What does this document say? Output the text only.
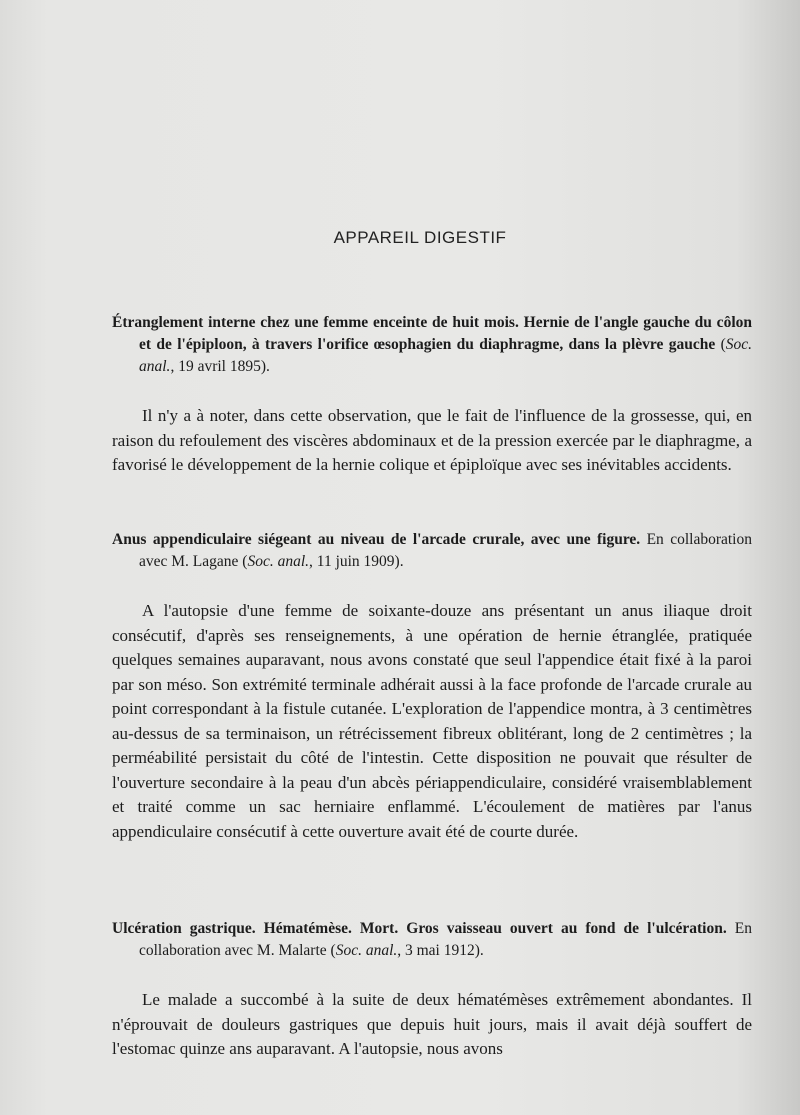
APPAREIL DIGESTIF
Étranglement interne chez une femme enceinte de huit mois. Hernie de l'angle gauche du côlon et de l'épiploon, à travers l'orifice œsophagien du diaphragme, dans la plèvre gauche (Soc. anal., 19 avril 1895).

Il n'y a à noter, dans cette observation, que le fait de l'influence de la grossesse, qui, en raison du refoulement des viscères abdominaux et de la pression exercée par le diaphragme, a favorisé le développement de la hernie colique et épiploïque avec ses inévitables accidents.

Anus appendiculaire siégeant au niveau de l'arcade crurale, avec une figure. En collaboration avec M. Lagane (Soc. anal., 11 juin 1909).

A l'autopsie d'une femme de soixante-douze ans présentant un anus iliaque droit consécutif, d'après ses renseignements, à une opération de hernie étranglée, pratiquée quelques semaines auparavant, nous avons constaté que seul l'appendice était fixé à la paroi par son méso. Son extrémité terminale adhérait aussi à la face profonde de l'arcade crurale au point correspondant à la fistule cutanée. L'exploration de l'appendice montra, à 3 centimètres au-dessus de sa terminaison, un rétrécissement fibreux oblitérant, long de 2 centimètres ; la perméabilité persistait du côté de l'intestin. Cette disposition ne pouvait que résulter de l'ouverture secondaire à la peau d'un abcès périappendiculaire, considéré vraisemblablement et traité comme un sac herniaire enflammé. L'écoulement de matières par l'anus appendiculaire consécutif à cette ouverture avait été de courte durée.

Ulcération gastrique. Hématémèse. Mort. Gros vaisseau ouvert au fond de l'ulcération. En collaboration avec M. Malarte (Soc. anal., 3 mai 1912).

Le malade a succombé à la suite de deux hématémèses extrêmement abondantes. Il n'éprouvait de douleurs gastriques que depuis huit jours, mais il avait déjà souffert de l'estomac quinze ans auparavant. A l'autopsie, nous avons
